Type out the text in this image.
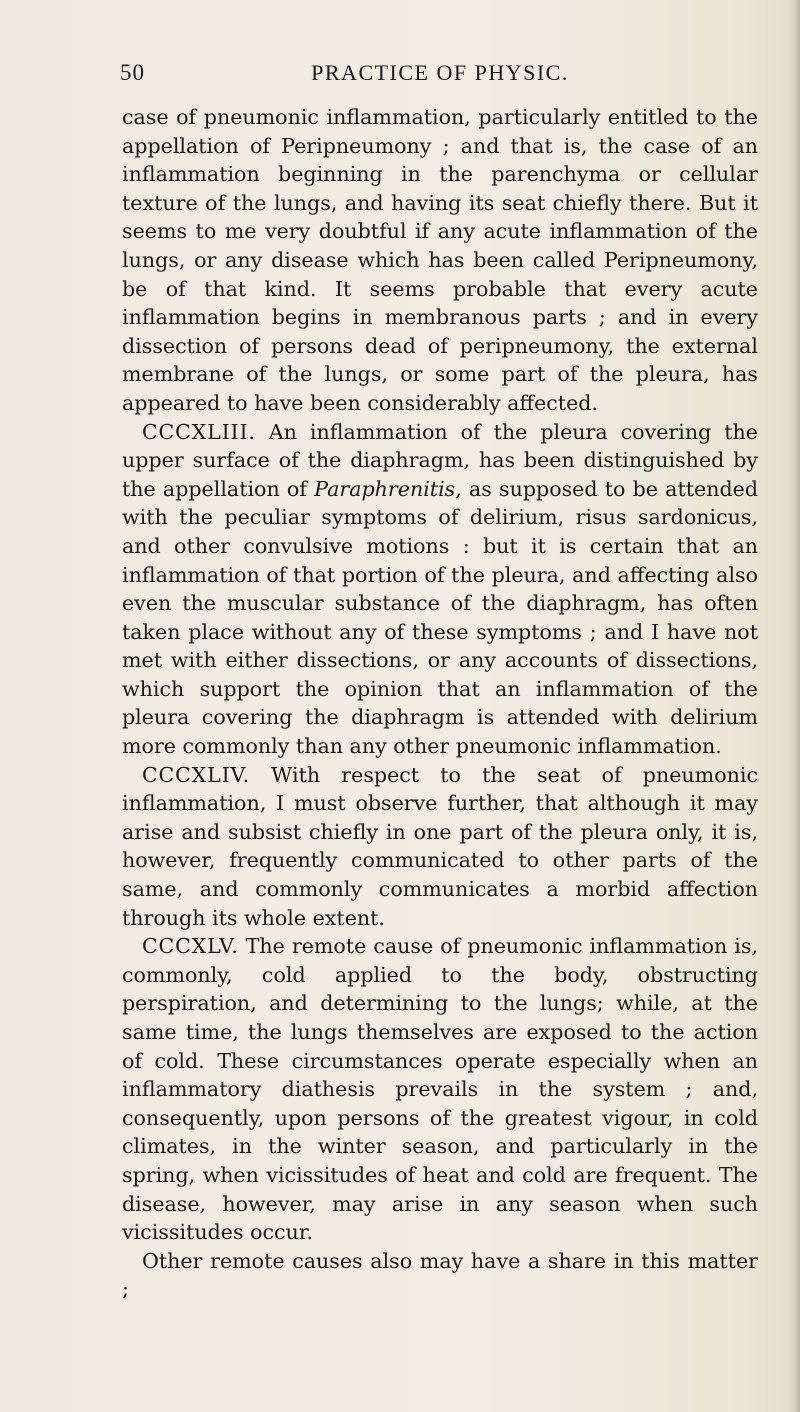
50	PRACTICE OF PHYSIC.

case of pneumonic inflammation, particularly entitled to the appellation of Peripneumony ; and that is, the case of an inflammation beginning in the parenchyma or cellular texture of the lungs, and having its seat chiefly there. But it seems to me very doubtful if any acute inflammation of the lungs, or any disease which has been called Peripneumony, be of that kind. It seems probable that every acute inflammation begins in membranous parts ; and in every dissection of persons dead of peripneumony, the external membrane of the lungs, or some part of the pleura, has appeared to have been considerably affected.

CCCXLIII. An inflammation of the pleura covering the upper surface of the diaphragm, has been distinguished by the appellation of Paraphrenitis, as supposed to be attended with the peculiar symptoms of delirium, risus sardonicus, and other convulsive motions : but it is certain that an inflammation of that portion of the pleura, and affecting also even the muscular substance of the diaphragm, has often taken place without any of these symptoms ; and I have not met with either dissections, or any accounts of dissections, which support the opinion that an inflammation of the pleura covering the diaphragm is attended with delirium more commonly than any other pneumonic inflammation.

CCCXLIV. With respect to the seat of pneumonic inflammation, I must observe further, that although it may arise and subsist chiefly in one part of the pleura only, it is, however, frequently communicated to other parts of the same, and commonly communicates a morbid affection through its whole extent.

CCCXLV. The remote cause of pneumonic inflammation is, commonly, cold applied to the body, obstructing perspiration, and determining to the lungs; while, at the same time, the lungs themselves are exposed to the action of cold. These circumstances operate especially when an inflammatory diathesis prevails in the system ; and, consequently, upon persons of the greatest vigour, in cold climates, in the winter season, and particularly in the spring, when vicissitudes of heat and cold are frequent. The disease, however, may arise in any season when such vicissitudes occur.

Other remote causes also may have a share in this matter ;
